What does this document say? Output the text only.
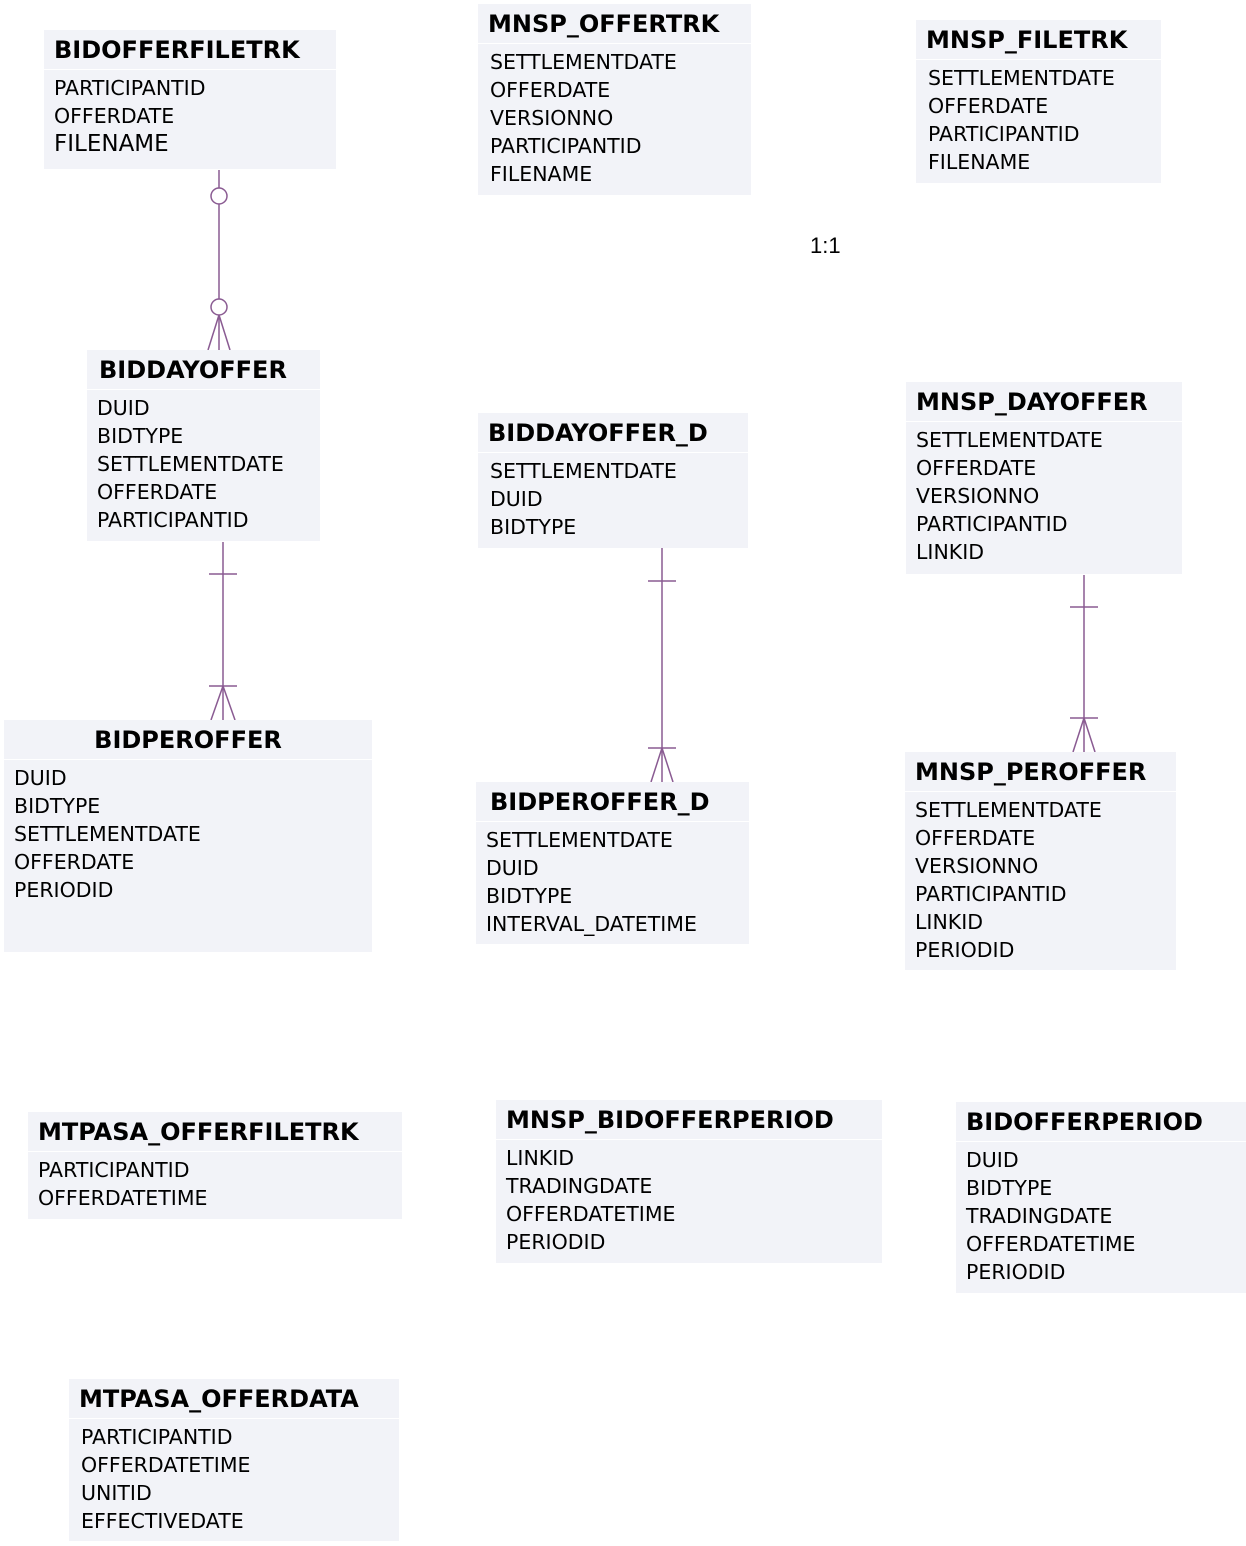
1:1
BIDOFFERFILETRK
PARTICIPANTID
OFFERDATE
FILENAME
MNSP_OFFERTRK
SETTLEMENTDATE
OFFERDATE
VERSIONNO
PARTICIPANTID
FILENAME
MNSP_FILETRK
SETTLEMENTDATE
OFFERDATE
PARTICIPANTID
FILENAME
BIDDAYOFFER
DUID
BIDTYPE
SETTLEMENTDATE
OFFERDATE
PARTICIPANTID
BIDDAYOFFER_D
SETTLEMENTDATE
DUID
BIDTYPE
MNSP_DAYOFFER
SETTLEMENTDATE
OFFERDATE
VERSIONNO
PARTICIPANTID
LINKID
BIDPEROFFER
DUID
BIDTYPE
SETTLEMENTDATE
OFFERDATE
PERIODID
BIDPEROFFER_D
SETTLEMENTDATE
DUID
BIDTYPE
INTERVAL_DATETIME
MNSP_PEROFFER
SETTLEMENTDATE
OFFERDATE
VERSIONNO
PARTICIPANTID
LINKID
PERIODID
MTPASA_OFFERFILETRK
PARTICIPANTID
OFFERDATETIME
MNSP_BIDOFFERPERIOD
LINKID
TRADINGDATE
OFFERDATETIME
PERIODID
BIDOFFERPERIOD
DUID
BIDTYPE
TRADINGDATE
OFFERDATETIME
PERIODID
MTPASA_OFFERDATA
PARTICIPANTID
OFFERDATETIME
UNITID
EFFECTIVEDATE
